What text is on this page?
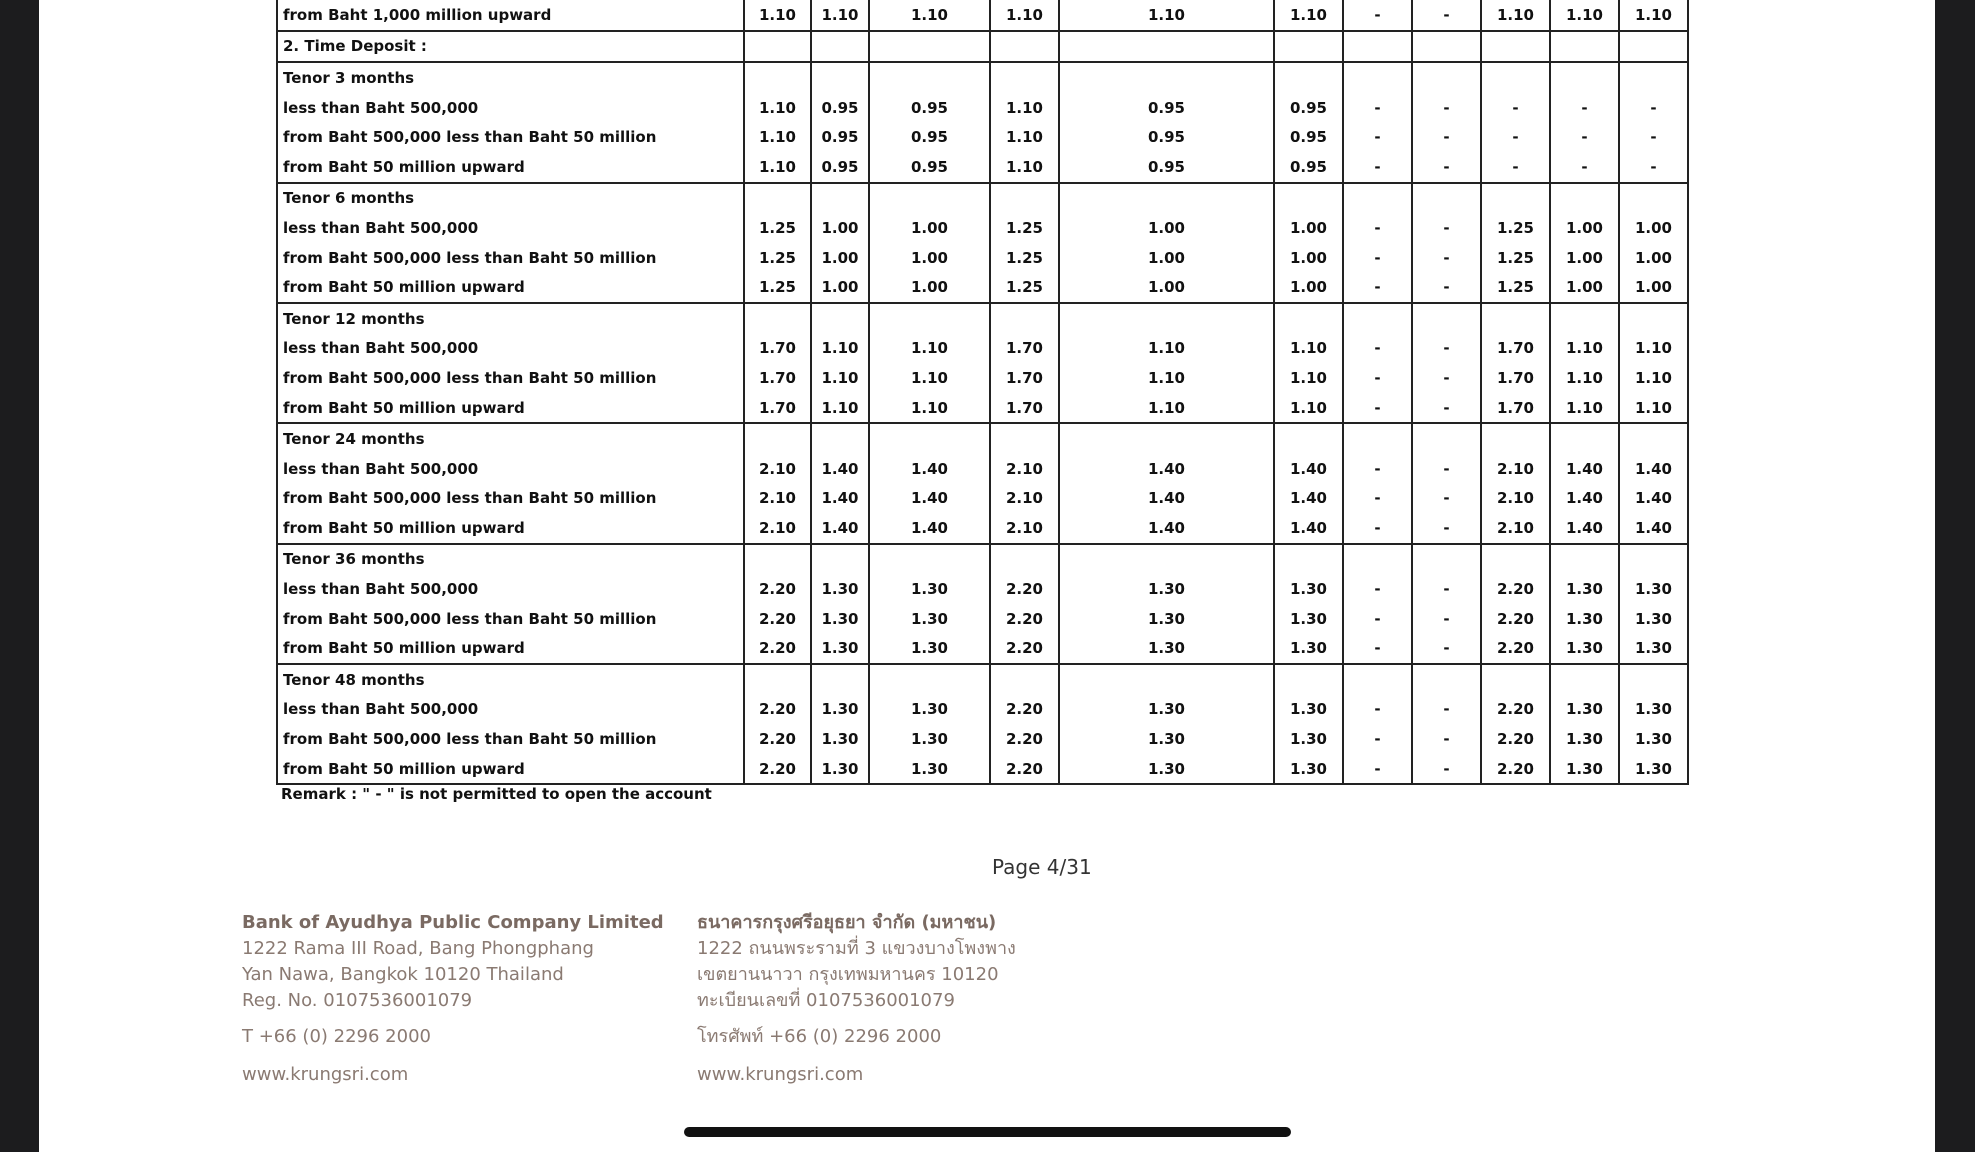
from Baht 1,000 million upward	1.10	1.10	1.10	1.10	1.10	1.10	-	-	1.10	1.10	1.10
2. Time Deposit :											
Tenor 3 months											
less than Baht 500,000	1.10	0.95	0.95	1.10	0.95	0.95	-	-	-	-	-
from Baht 500,000 less than Baht 50 million	1.10	0.95	0.95	1.10	0.95	0.95	-	-	-	-	-
from Baht 50 million upward	1.10	0.95	0.95	1.10	0.95	0.95	-	-	-	-	-
Tenor 6 months											
less than Baht 500,000	1.25	1.00	1.00	1.25	1.00	1.00	-	-	1.25	1.00	1.00
from Baht 500,000 less than Baht 50 million	1.25	1.00	1.00	1.25	1.00	1.00	-	-	1.25	1.00	1.00
from Baht 50 million upward	1.25	1.00	1.00	1.25	1.00	1.00	-	-	1.25	1.00	1.00
Tenor 12 months											
less than Baht 500,000	1.70	1.10	1.10	1.70	1.10	1.10	-	-	1.70	1.10	1.10
from Baht 500,000 less than Baht 50 million	1.70	1.10	1.10	1.70	1.10	1.10	-	-	1.70	1.10	1.10
from Baht 50 million upward	1.70	1.10	1.10	1.70	1.10	1.10	-	-	1.70	1.10	1.10
Tenor 24 months											
less than Baht 500,000	2.10	1.40	1.40	2.10	1.40	1.40	-	-	2.10	1.40	1.40
from Baht 500,000 less than Baht 50 million	2.10	1.40	1.40	2.10	1.40	1.40	-	-	2.10	1.40	1.40
from Baht 50 million upward	2.10	1.40	1.40	2.10	1.40	1.40	-	-	2.10	1.40	1.40
Tenor 36 months											
less than Baht 500,000	2.20	1.30	1.30	2.20	1.30	1.30	-	-	2.20	1.30	1.30
from Baht 500,000 less than Baht 50 million	2.20	1.30	1.30	2.20	1.30	1.30	-	-	2.20	1.30	1.30
from Baht 50 million upward	2.20	1.30	1.30	2.20	1.30	1.30	-	-	2.20	1.30	1.30
Tenor 48 months											
less than Baht 500,000	2.20	1.30	1.30	2.20	1.30	1.30	-	-	2.20	1.30	1.30
from Baht 500,000 less than Baht 50 million	2.20	1.30	1.30	2.20	1.30	1.30	-	-	2.20	1.30	1.30
from Baht 50 million upward	2.20	1.30	1.30	2.20	1.30	1.30	-	-	2.20	1.30	1.30
Remark : " - " is not permitted to open the account
Page 4/31
Bank of Ayudhya Public Company Limited
1222 Rama III Road, Bang Phongphang
Yan Nawa, Bangkok 10120 Thailand
Reg. No. 0107536001079
T +66 (0) 2296 2000
www.krungsri.com
ธนาคารกรุงศรีอยุธยา จำกัด (มหาชน)
1222 ถนนพระรามที่ 3 แขวงบางโพงพาง
เขตยานนาวา กรุงเทพมหานคร 10120
ทะเบียนเลขที่ 0107536001079
โทรศัพท์ +66 (0) 2296 2000
www.krungsri.com
